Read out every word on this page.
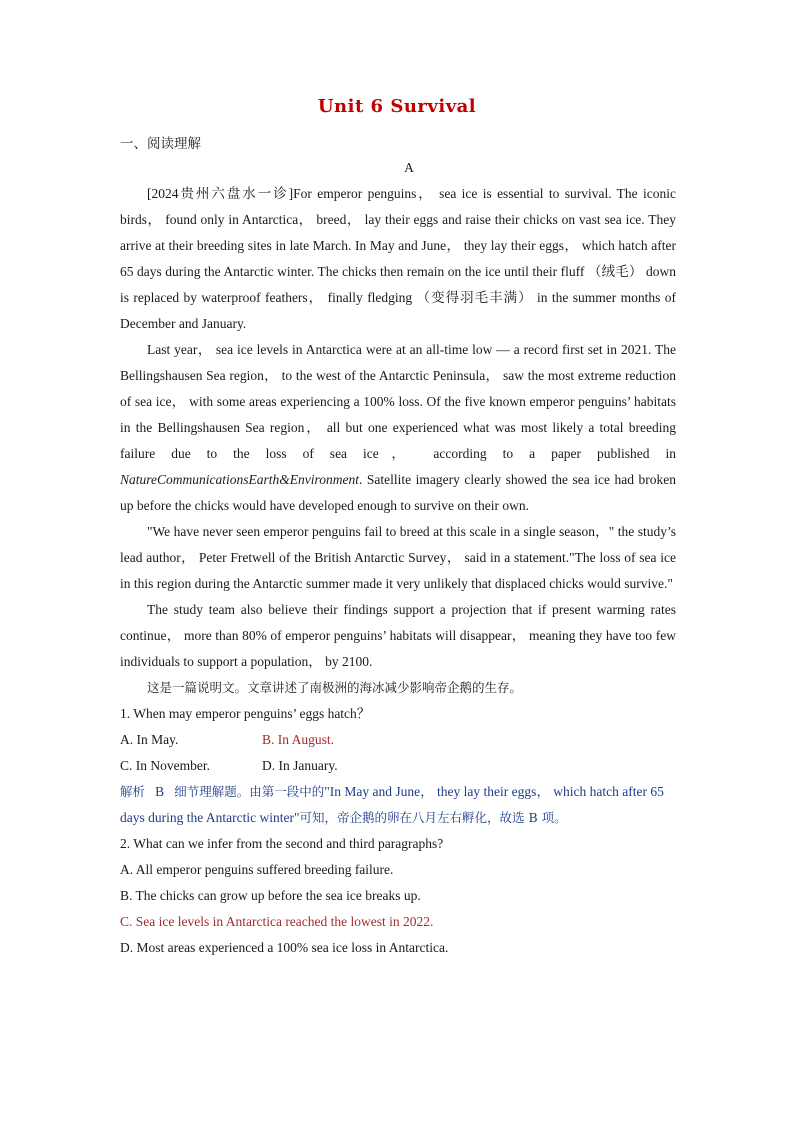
Unit 6 Survival
一、阅读理解
A

[2024贵州六盘水一诊]For emperor penguins， sea ice is essential to survival. The iconic birds， found only in Antarctica， breed， lay their eggs and raise their chicks on vast sea ice. They arrive at their breeding sites in late March. In May and June， they lay their eggs， which hatch after 65 days during the Antarctic winter. The chicks then remain on the ice until their fluff （绒毛） down is replaced by waterproof feathers， finally fledging （变得羽毛丰满） in the summer months of December and January.

Last year， sea ice levels in Antarctica were at an all-time low — a record first set in 2021. The Bellingshausen Sea region， to the west of the Antarctic Peninsula， saw the most extreme reduction of sea ice， with some areas experiencing a 100% loss. Of the five known emperor penguins’ habitats in the Bellingshausen Sea region， all but one experienced what was most likely a total breeding failure due to the loss of sea ice， according to a paper published in NatureCommunicationsEarth&Environment. Satellite imagery clearly showed the sea ice had broken up before the chicks would have developed enough to survive on their own.

"We have never seen emperor penguins fail to breed at this scale in a single season，" the study’s lead author， Peter Fretwell of the British Antarctic Survey， said in a statement."The loss of sea ice in this region during the Antarctic summer made it very unlikely that displaced chicks would survive."

The study team also believe their findings support a projection that if present warming rates continue， more than 80% of emperor penguins’ habitats will disappear， meaning they have too few individuals to support a population， by 2100.

这是一篇说明文。文章讲述了南极洲的海冰减少影响帝企鹅的生存。

1. When may emperor penguins’ eggs hatch？

A. In May.	B. In August.
C. In November.	D. In January.

解析 B 细节理解题。由第一段中的"In May and June， they lay their eggs， which hatch after 65 days during the Antarctic winter"可知，帝企鹅的卵在八月左右孵化，故选 B 项。

2. What can we infer from the second and third paragraphs?

A. All emperor penguins suffered breeding failure.

B. The chicks can grow up before the sea ice breaks up.

C. Sea ice levels in Antarctica reached the lowest in 2022.

D. Most areas experienced a 100% sea ice loss in Antarctica.
